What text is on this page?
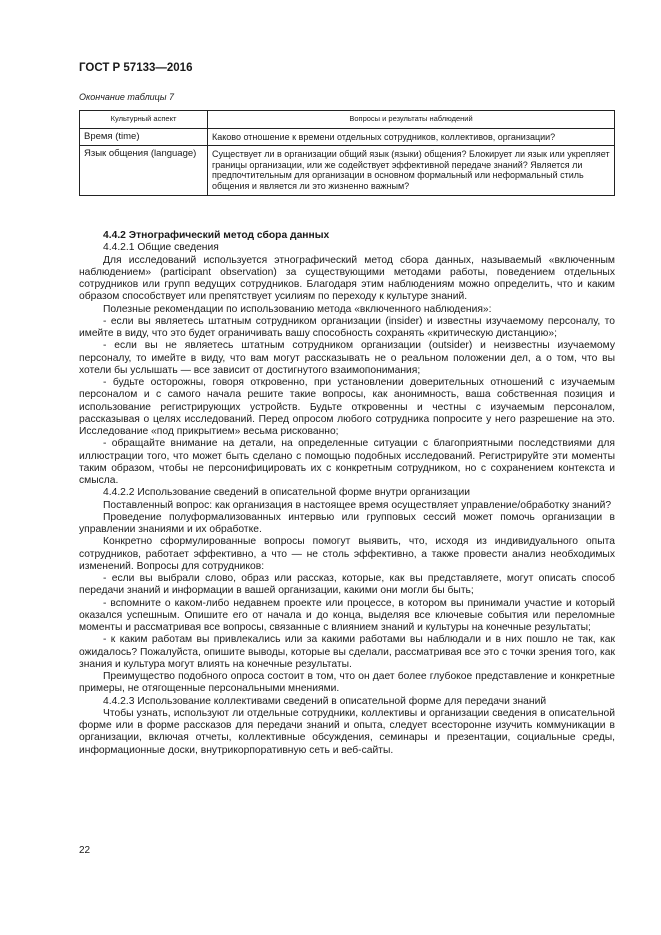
ГОСТ Р 57133—2016
Окончание таблицы 7
Культурный аспект	Вопросы и результаты наблюдений
Время (time)	Каково отношение к времени отдельных сотрудников, коллективов, организации?
Язык общения (language)	Существует ли в организации общий язык (языки) общения? Блокирует ли язык или укрепляет границы организации, или же содействует эффективной передаче знаний? Является ли предпочтительным для организации в основном формальный или неформальный стиль общения и является ли это жизненно важным?

4.4.2 Этнографический метод сбора данных

4.4.2.1 Общие сведения

Для исследований используется этнографический метод сбора данных, называемый «включенным наблюдением» (participant observation) за существующими методами работы, поведением отдельных сотрудников или групп ведущих сотрудников. Благодаря этим наблюдениям можно определить, что и каким образом способствует или препятствует усилиям по переходу к культуре знаний.

Полезные рекомендации по использованию метода «включенного наблюдения»:

- если вы являетесь штатным сотрудником организации (insider) и известны изучаемому персоналу, то имейте в виду, что это будет ограничивать вашу способность сохранять «критическую дистанцию»;

- если вы не являетесь штатным сотрудником организации (outsider) и неизвестны изучаемому персоналу, то имейте в виду, что вам могут рассказывать не о реальном положении дел, а о том, что вы хотели бы услышать — все зависит от достигнутого взаимопонимания;

- будьте осторожны, говоря откровенно, при установлении доверительных отношений с изучаемым персоналом и с самого начала решите такие вопросы, как анонимность, ваша собственная позиция и использование регистрирующих устройств. Будьте откровенны и честны с изучаемым персоналом, рассказывая о целях исследований. Перед опросом любого сотрудника попросите у него разрешение на это. Исследование «под прикрытием» весьма рискованно;

- обращайте внимание на детали, на определенные ситуации с благоприятными последствиями для иллюстрации того, что может быть сделано с помощью подобных исследований. Регистрируйте эти моменты таким образом, чтобы не персонифицировать их с конкретным сотрудником, но с сохранением контекста и смысла.

4.4.2.2 Использование сведений в описательной форме внутри организации

Поставленный вопрос: как организация в настоящее время осуществляет управление/обработку знаний?

Проведение полуформализованных интервью или групповых сессий может помочь организации в управлении знаниями и их обработке.

Конкретно сформулированные вопросы помогут выявить, что, исходя из индивидуального опыта сотрудников, работает эффективно, а что — не столь эффективно, а также провести анализ необходимых изменений. Вопросы для сотрудников:

- если вы выбрали слово, образ или рассказ, которые, как вы представляете, могут описать способ передачи знаний и информации в вашей организации, какими они могли бы быть;

- вспомните о каком-либо недавнем проекте или процессе, в котором вы принимали участие и который оказался успешным. Опишите его от начала и до конца, выделяя все ключевые события или переломные моменты и рассматривая все вопросы, связанные с влиянием знаний и культуры на конечные результаты;

- к каким работам вы привлекались или за какими работами вы наблюдали и в них пошло не так, как ожидалось? Пожалуйста, опишите выводы, которые вы сделали, рассматривая все это с точки зрения того, как знания и культура могут влиять на конечные результаты.

Преимущество подобного опроса состоит в том, что он дает более глубокое представление и конкретные примеры, не отягощенные персональными мнениями.

4.4.2.3 Использование коллективами сведений в описательной форме для передачи знаний

Чтобы узнать, используют ли отдельные сотрудники, коллективы и организации сведения в описательной форме или в форме рассказов для передачи знаний и опыта, следует всесторонне изучить коммуникации в организации, включая отчеты, коллективные обсуждения, семинары и презентации, социальные среды, информационные доски, внутрикорпоративную сеть и веб-сайты.

22
